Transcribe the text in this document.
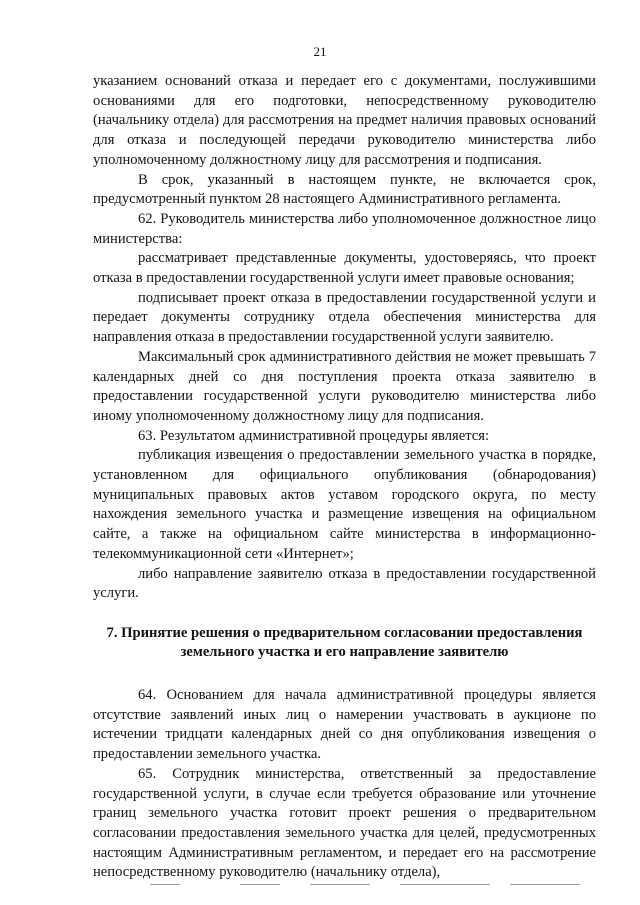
21

указанием оснований отказа и передает его с документами, послужившими основаниями для его подготовки, непосредственному руководителю (начальнику отдела) для рассмотрения на предмет наличия правовых оснований для отказа и последующей передачи руководителю министерства либо уполномоченному должностному лицу для рассмотрения и подписания.

В срок, указанный в настоящем пункте, не включается срок, предусмотренный пунктом 28 настоящего Административного регламента.

62. Руководитель министерства либо уполномоченное должностное лицо министерства:

рассматривает представленные документы, удостоверяясь, что проект отказа в предоставлении государственной услуги имеет правовые основания;

подписывает проект отказа в предоставлении государственной услуги и передает документы сотруднику отдела обеспечения министерства для направления отказа в предоставлении государственной услуги заявителю.

Максимальный срок административного действия не может превышать 7 календарных дней со дня поступления проекта отказа заявителю в предоставлении государственной услуги руководителю министерства либо иному уполномоченному должностному лицу для подписания.

63. Результатом административной процедуры является:

публикация извещения о предоставлении земельного участка в порядке, установленном для официального опубликования (обнародования) муниципальных правовых актов уставом городского округа, по месту нахождения земельного участка и размещение извещения на официальном сайте, а также на официальном сайте министерства в информационно-телекоммуникационной сети «Интернет»;

либо направление заявителю отказа в предоставлении государственной услуги.

7. Принятие решения о предварительном согласовании предоставления
земельного участка и его направление заявителю

64. Основанием для начала административной процедуры является отсутствие заявлений иных лиц о намерении участвовать в аукционе по истечении тридцати календарных дней со дня опубликования извещения о предоставлении земельного участка.

65. Сотрудник министерства, ответственный за предоставление государственной услуги, в случае если требуется образование или уточнение границ земельного участка готовит проект решения о предварительном согласовании предоставления земельного участка для целей, предусмотренных настоящим Административным регламентом, и передает его на рассмотрение непосредственному руководителю (начальнику отдела),
